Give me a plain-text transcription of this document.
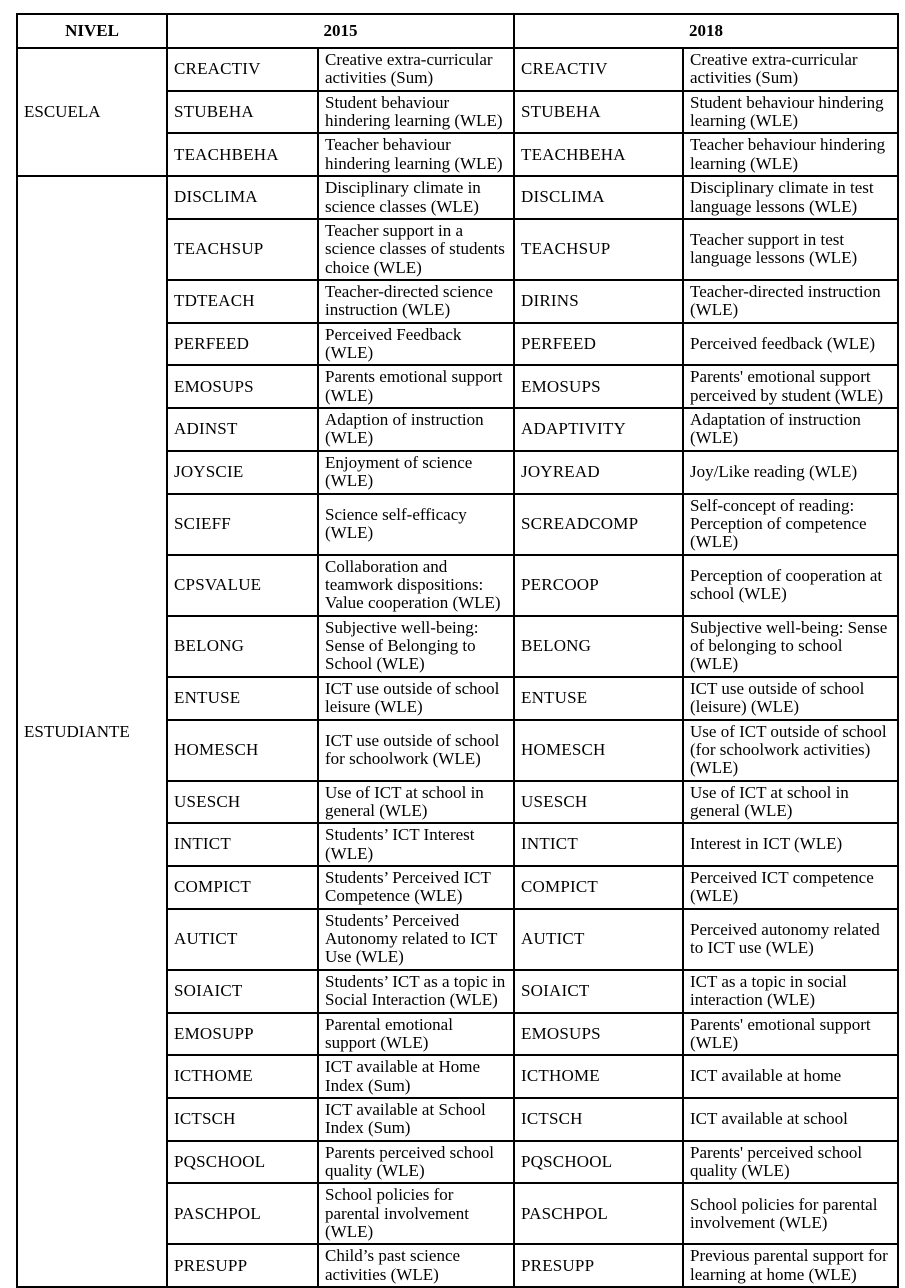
NIVEL	2015		2018	
ESCUELA	CREACTIV	Creative extra-curricular activities (Sum)	CREACTIV	Creative extra-curricular activities (Sum)
	STUBEHA	Student behaviour hindering learning (WLE)	STUBEHA	Student behaviour hindering learning (WLE)
	TEACHBEHA	Teacher behaviour hindering learning (WLE)	TEACHBEHA	Teacher behaviour hindering learning (WLE)
ESTUDIANTE	DISCLIMA	Disciplinary climate in science classes (WLE)	DISCLIMA	Disciplinary climate in test language lessons (WLE)
	TEACHSUP	Teacher support in a science classes of students choice (WLE)	TEACHSUP	Teacher support in test language lessons (WLE)
	TDTEACH	Teacher-directed science instruction (WLE)	DIRINS	Teacher-directed instruction (WLE)
	PERFEED	Perceived Feedback (WLE)	PERFEED	Perceived feedback (WLE)
	EMOSUPS	Parents emotional support (WLE)	EMOSUPS	Parents' emotional support perceived by student (WLE)
	ADINST	Adaption of instruction (WLE)	ADAPTIVITY	Adaptation of instruction (WLE)
	JOYSCIE	Enjoyment of science (WLE)	JOYREAD	Joy/Like reading (WLE)
	SCIEFF	Science self-efficacy (WLE)	SCREADCOMP	Self-concept of reading: Perception of competence (WLE)
	CPSVALUE	Collaboration and teamwork dispositions: Value cooperation (WLE)	PERCOOP	Perception of cooperation at school (WLE)
	BELONG	Subjective well-being: Sense of Belonging to School (WLE)	BELONG	Subjective well-being: Sense of belonging to school (WLE)
	ENTUSE	ICT use outside of school leisure (WLE)	ENTUSE	ICT use outside of school (leisure) (WLE)
	HOMESCH	ICT use outside of school for schoolwork (WLE)	HOMESCH	Use of ICT outside of school (for schoolwork activities) (WLE)
	USESCH	Use of ICT at school in general (WLE)	USESCH	Use of ICT at school in general (WLE)
	INTICT	Students’ ICT Interest (WLE)	INTICT	Interest in ICT (WLE)
	COMPICT	Students’ Perceived ICT Competence (WLE)	COMPICT	Perceived ICT competence (WLE)
	AUTICT	Students’ Perceived Autonomy related to ICT Use (WLE)	AUTICT	Perceived autonomy related to ICT use (WLE)
	SOIAICT	Students’ ICT as a topic in Social Interaction (WLE)	SOIAICT	ICT as a topic in social interaction (WLE)
	EMOSUPP	Parental emotional support (WLE)	EMOSUPS	Parents' emotional support (WLE)
	ICTHOME	ICT available at Home Index (Sum)	ICTHOME	ICT available at home
	ICTSCH	ICT available at School Index (Sum)	ICTSCH	ICT available at school
	PQSCHOOL	Parents perceived school quality (WLE)	PQSCHOOL	Parents' perceived school quality (WLE)
	PASCHPOL	School policies for parental involvement (WLE)	PASCHPOL	School policies for parental involvement (WLE)
	PRESUPP	Child’s past science activities (WLE)	PRESUPP	Previous parental support for learning at home (WLE)
